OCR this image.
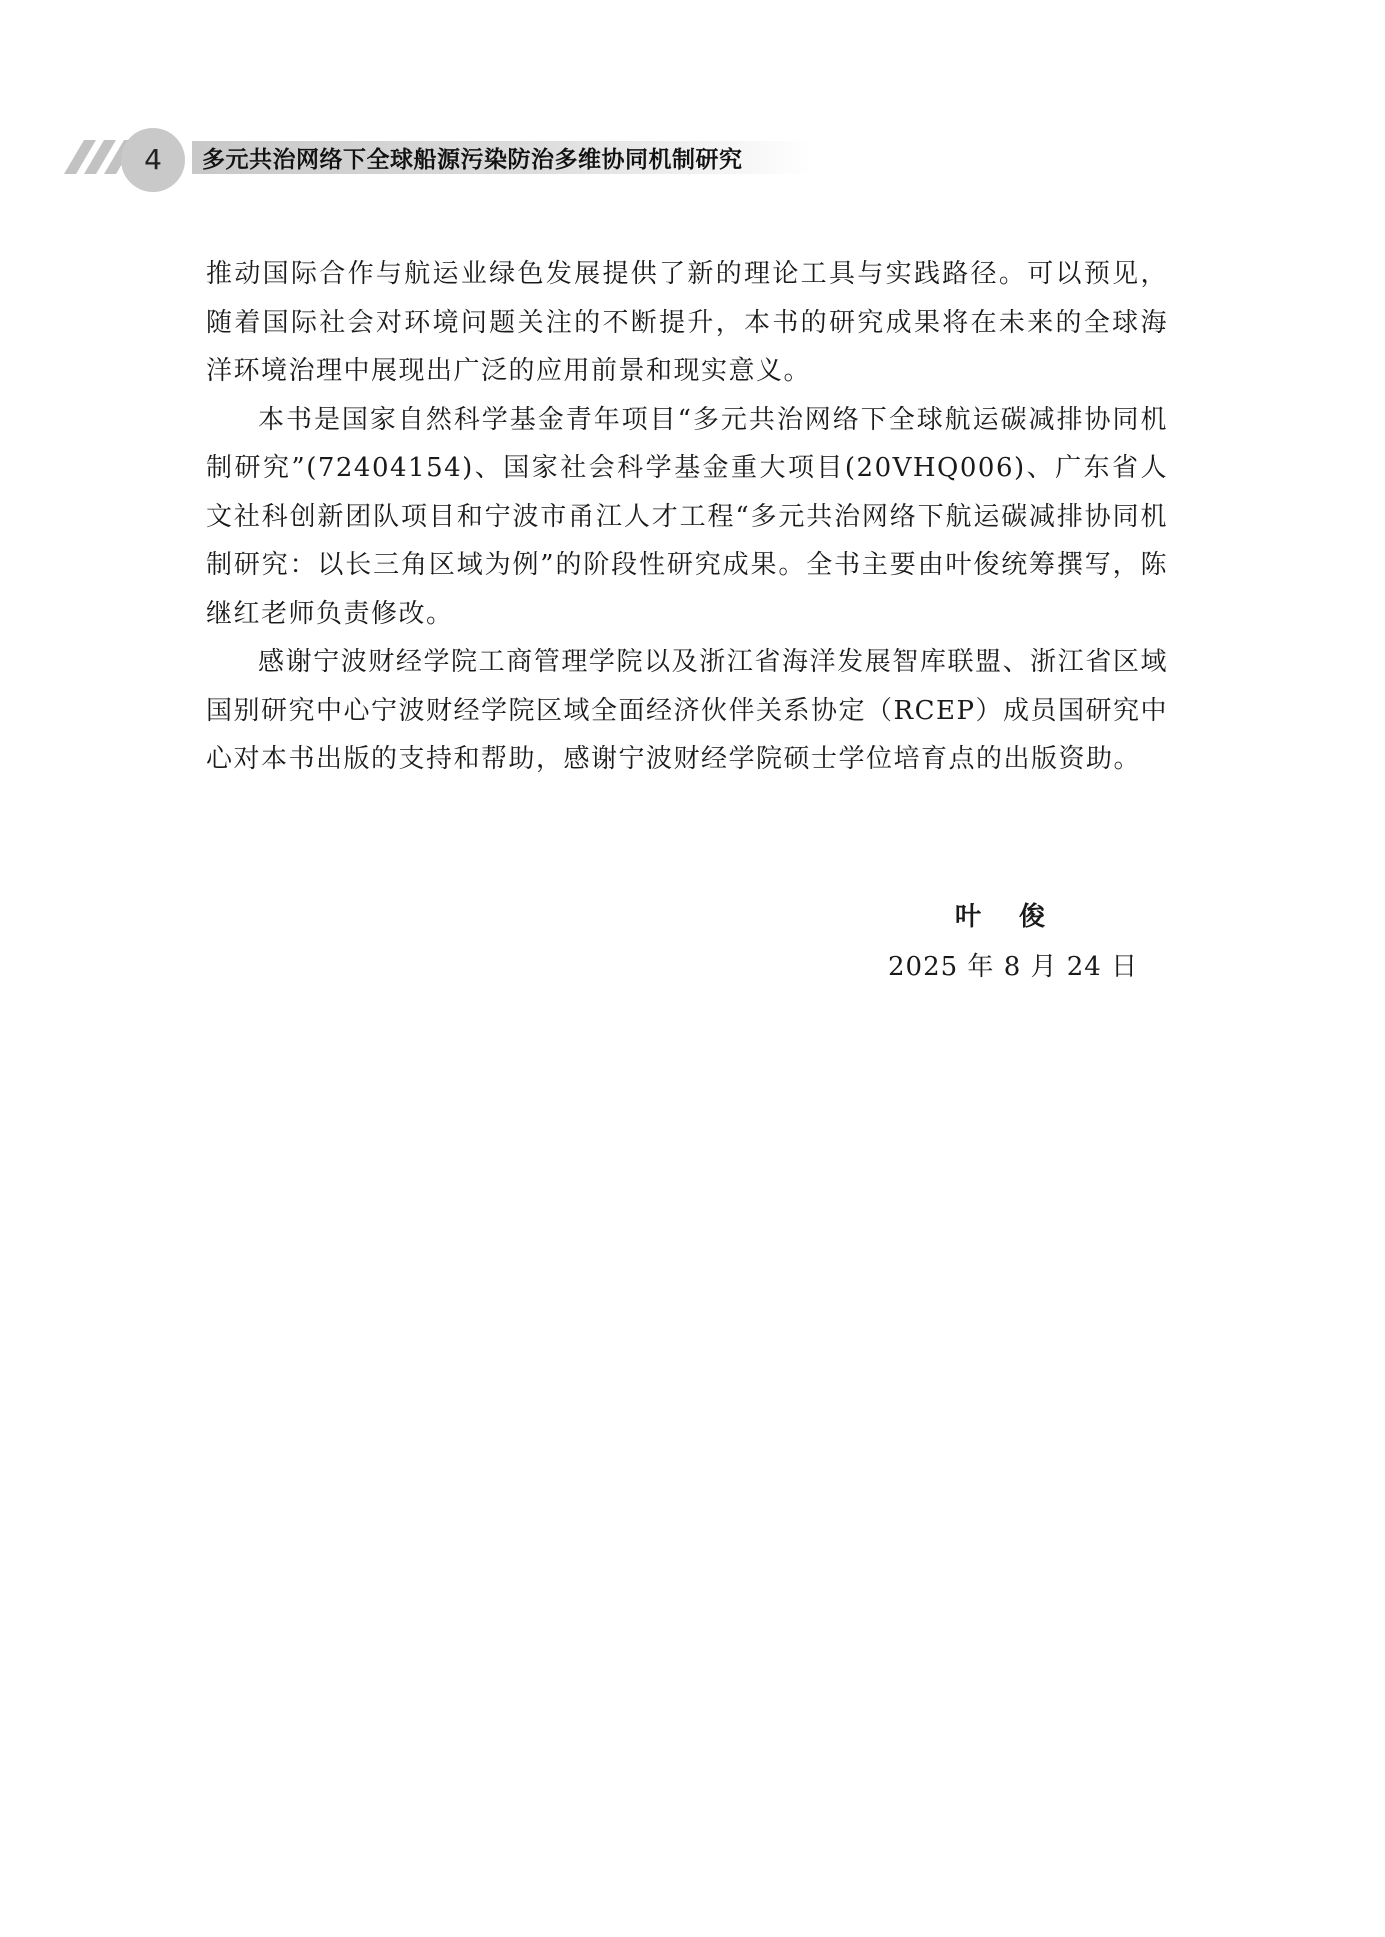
4	多元共治网络下全球船源污染防治多维协同机制研究

推动国际合作与航运业绿色发展提供了新的理论工具与实践路径。可以预见，随着国际社会对环境问题关注的不断提升，本书的研究成果将在未来的全球海洋环境治理中展现出广泛的应用前景和现实意义。

本书是国家自然科学基金青年项目“多元共治网络下全球航运碳减排协同机制研究”(72404154)、国家社会科学基金重大项目(20VHQ006)、广东省人文社科创新团队项目和宁波市甬江人才工程“多元共治网络下航运碳减排协同机制研究：以长三角区域为例”的阶段性研究成果。全书主要由叶俊统筹撰写，陈继红老师负责修改。

感谢宁波财经学院工商管理学院以及浙江省海洋发展智库联盟、浙江省区域国别研究中心宁波财经学院区域全面经济伙伴关系协定（RCEP）成员国研究中心对本书出版的支持和帮助，感谢宁波财经学院硕士学位培育点的出版资助。

叶俊
2025 年 8 月 24 日
